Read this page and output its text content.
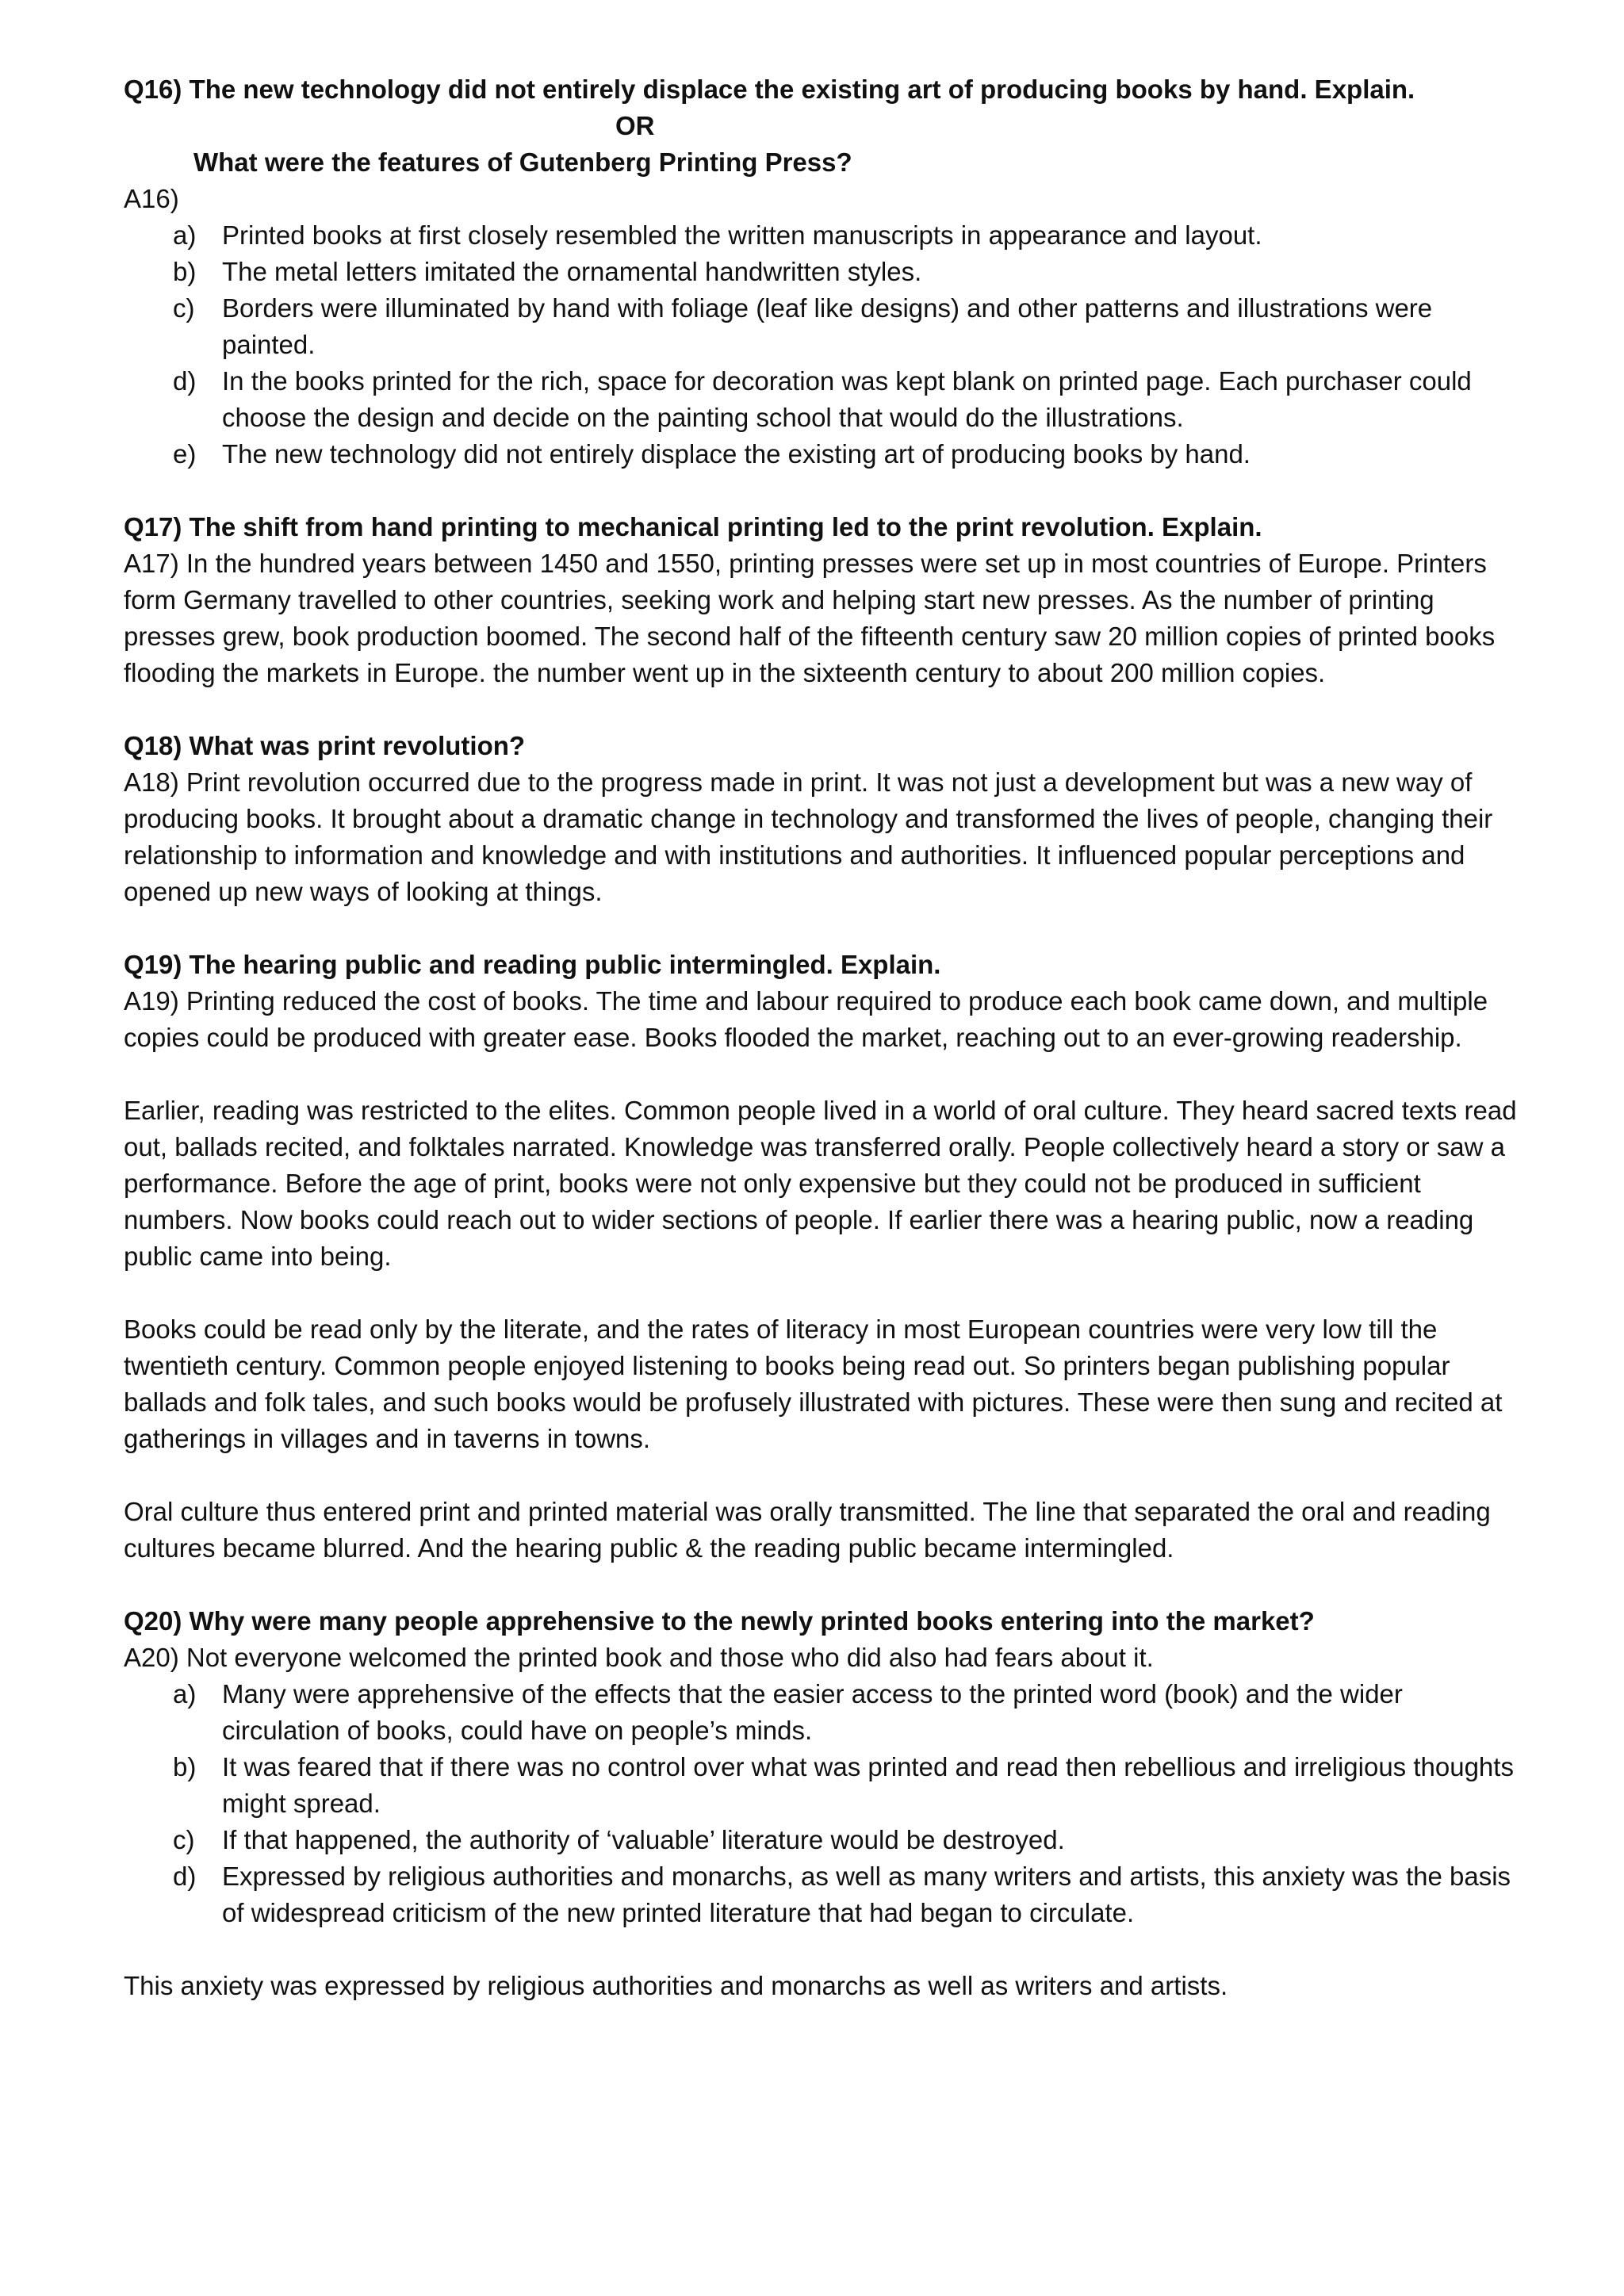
Q16) The new technology did not entirely displace the existing art of producing books by hand. Explain.

OR

What were the features of Gutenberg Printing Press?

A16)

a) Printed books at first closely resembled the written manuscripts in appearance and layout.
b) The metal letters imitated the ornamental handwritten styles.
c) Borders were illuminated by hand with foliage (leaf like designs) and other patterns and illustrations were painted.
d) In the books printed for the rich, space for decoration was kept blank on printed page. Each purchaser could choose the design and decide on the painting school that would do the illustrations.
e) The new technology did not entirely displace the existing art of producing books by hand.

Q17) The shift from hand printing to mechanical printing led to the print revolution. Explain.

A17) In the hundred years between 1450 and 1550, printing presses were set up in most countries of Europe. Printers form Germany travelled to other countries, seeking work and helping start new presses. As the number of printing presses grew, book production boomed. The second half of the fifteenth century saw 20 million copies of printed books flooding the markets in Europe. the number went up in the sixteenth century to about 200 million copies.

Q18) What was print revolution?

A18) Print revolution occurred due to the progress made in print. It was not just a development but was a new way of producing books. It brought about a dramatic change in technology and transformed the lives of people, changing their relationship to information and knowledge and with institutions and authorities. It influenced popular perceptions and opened up new ways of looking at things.

Q19) The hearing public and reading public intermingled. Explain.

A19) Printing reduced the cost of books. The time and labour required to produce each book came down, and multiple copies could be produced with greater ease. Books flooded the market, reaching out to an ever-growing readership.

Earlier, reading was restricted to the elites. Common people lived in a world of oral culture. They heard sacred texts read out, ballads recited, and folktales narrated. Knowledge was transferred orally. People collectively heard a story or saw a performance. Before the age of print, books were not only expensive but they could not be produced in sufficient numbers. Now books could reach out to wider sections of people. If earlier there was a hearing public, now a reading public came into being.

Books could be read only by the literate, and the rates of literacy in most European countries were very low till the twentieth century. Common people enjoyed listening to books being read out. So printers began publishing popular ballads and folk tales, and such books would be profusely illustrated with pictures. These were then sung and recited at gatherings in villages and in taverns in towns.

Oral culture thus entered print and printed material was orally transmitted. The line that separated the oral and reading cultures became blurred. And the hearing public & the reading public became intermingled.

Q20) Why were many people apprehensive to the newly printed books entering into the market?

A20) Not everyone welcomed the printed book and those who did also had fears about it.

a) Many were apprehensive of the effects that the easier access to the printed word (book) and the wider circulation of books, could have on people’s minds.
b) It was feared that if there was no control over what was printed and read then rebellious and irreligious thoughts might spread.
c) If that happened, the authority of ‘valuable’ literature would be destroyed.
d) Expressed by religious authorities and monarchs, as well as many writers and artists, this anxiety was the basis of widespread criticism of the new printed literature that had began to circulate.

This anxiety was expressed by religious authorities and monarchs as well as writers and artists.
